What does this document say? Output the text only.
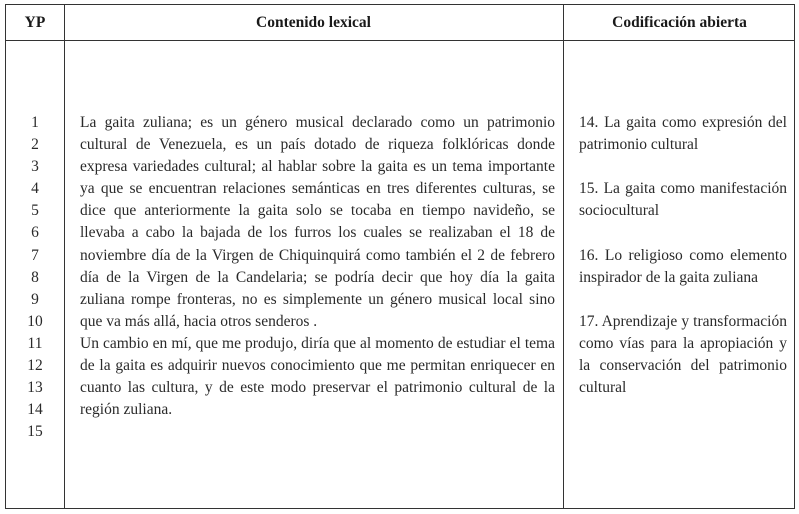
YP	Contenido lexical	Codificación abierta
1
2
3
4
5
6
7
8
9
10
11
12
13
14
15

La gaita zuliana; es un género musical declarado como un patrimonio cultural de Venezuela, es un país dotado de riqueza folklóricas donde expresa variedades cultural; al hablar sobre la gaita es un tema importante ya que se encuentran relaciones semánticas en tres diferentes culturas, se dice que anteriormente la gaita solo se tocaba en tiempo navideño, se llevaba a cabo la bajada de los furros los cuales se realizaban el 18 de noviembre día de la Virgen de Chiquinquirá como también el 2 de febrero día de la Virgen de la Candelaria; se podría decir que hoy día la gaita zuliana rompe fronteras, no es simplemente un género musical local sino que va más allá, hacia otros senderos .

Un cambio en mí, que me produjo, diría que al momento de estudiar el tema de la gaita es adquirir nuevos conocimiento que me permitan enriquecer en cuanto las cultura, y de este modo preservar el patrimonio cultural de la región zuliana.

14. La gaita como expresión del patrimonio cultural
15. La gaita como manifestación sociocultural
16. Lo religioso como elemento inspirador de la gaita zuliana
17. Aprendizaje y transformación como vías para la apropiación y la conservación del patrimonio cultural
